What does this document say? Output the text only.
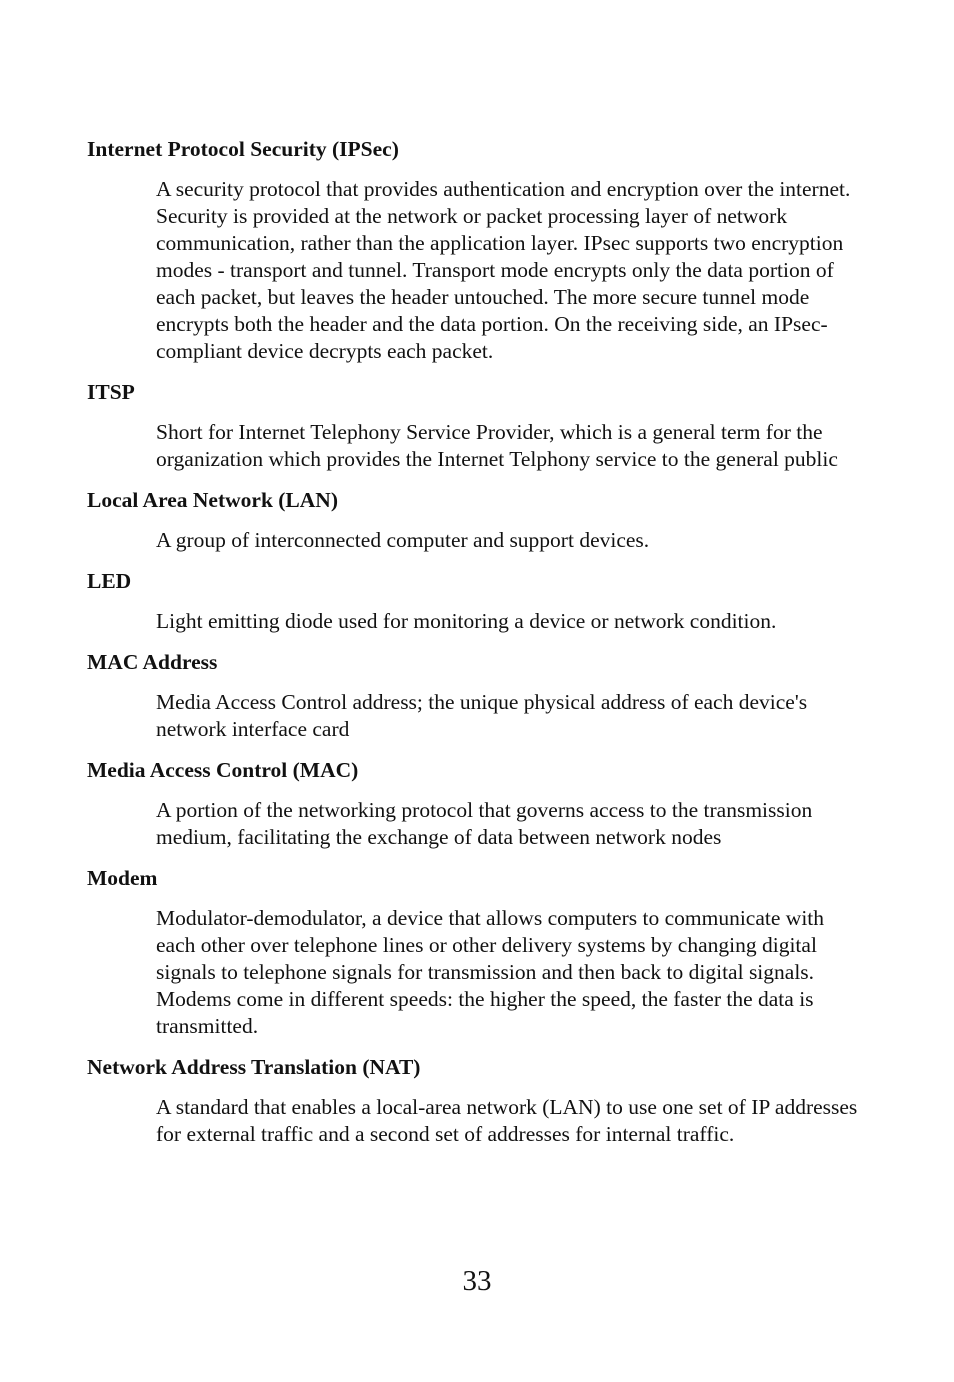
Internet Protocol Security (IPSec)

A security protocol that provides authentication and encryption over the internet. Security is provided at the network or packet processing layer of network communication, rather than the application layer. IPsec supports two encryption modes - transport and tunnel. Transport mode encrypts only the data portion of each packet, but leaves the header untouched. The more secure tunnel mode encrypts both the header and the data portion. On the receiving side, an IPsec-compliant device decrypts each packet.

ITSP

Short for Internet Telephony Service Provider, which is a general term for the organization which provides the Internet Telphony service to the general public

Local Area Network (LAN)

A group of interconnected computer and support devices.

LED

Light emitting diode used for monitoring a device or network condition.

MAC Address

Media Access Control address; the unique physical address of each device's network interface card

Media Access Control (MAC)

A portion of the networking protocol that governs access to the transmission medium, facilitating the exchange of data between network nodes

Modem

Modulator-demodulator, a device that allows computers to communicate with each other over telephone lines or other delivery systems by changing digital signals to telephone signals for transmission and then back to digital signals. Modems come in different speeds: the higher the speed, the faster the data is transmitted.

Network Address Translation (NAT)

A standard that enables a local-area network (LAN) to use one set of IP addresses for external traffic and a second set of addresses for internal traffic.

33
